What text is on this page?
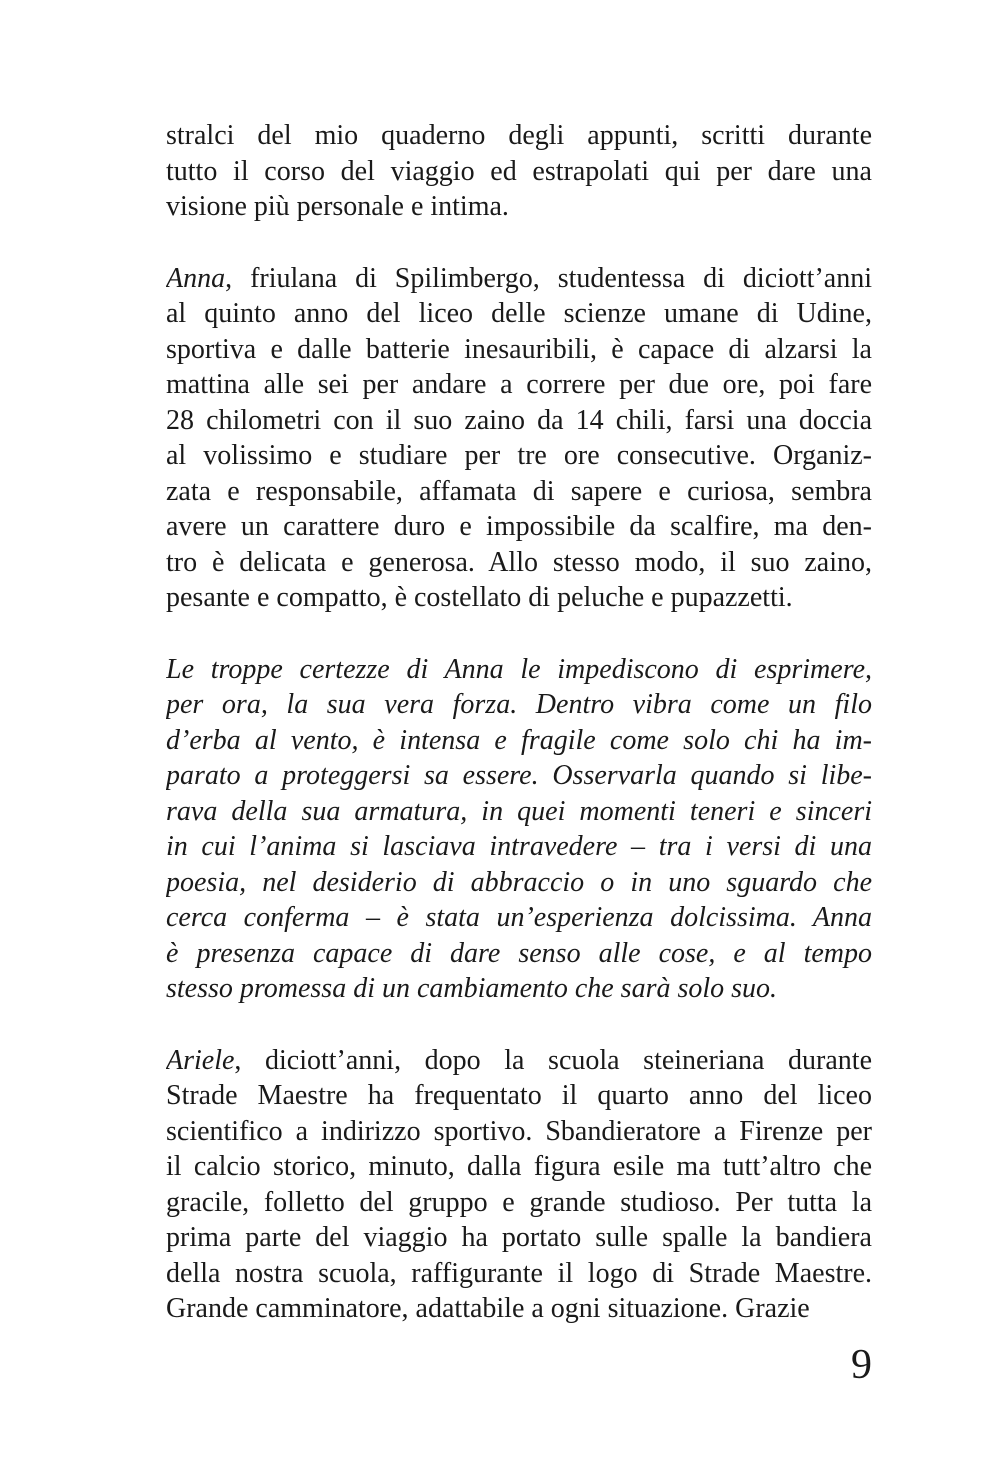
stralci del mio quaderno degli appunti, scritti durante
tutto il corso del viaggio ed estrapolati qui per dare una
visione più personale e intima.
Anna, friulana di Spilimbergo, studentessa di diciott’anni
al quinto anno del liceo delle scienze umane di Udine,
sportiva e dalle batterie inesauribili, è capace di alzarsi la
mattina alle sei per andare a correre per due ore, poi fare
28 chilometri con il suo zaino da 14 chili, farsi una doccia
al volissimo e studiare per tre ore consecutive. Organiz-
zata e responsabile, affamata di sapere e curiosa, sembra
avere un carattere duro e impossibile da scalfire, ma den-
tro è delicata e generosa. Allo stesso modo, il suo zaino,
pesante e compatto, è costellato di peluche e pupazzetti.
Le troppe certezze di Anna le impediscono di esprimere,
per ora, la sua vera forza. Dentro vibra come un filo
d’erba al vento, è intensa e fragile come solo chi ha im-
parato a proteggersi sa essere. Osservarla quando si libe-
rava della sua armatura, in quei momenti teneri e sinceri
in cui l’anima si lasciava intravedere – tra i versi di una
poesia, nel desiderio di abbraccio o in uno sguardo che
cerca conferma – è stata un’esperienza dolcissima. Anna
è presenza capace di dare senso alle cose, e al tempo
stesso promessa di un cambiamento che sarà solo suo.
Ariele, diciott’anni, dopo la scuola steineriana durante
Strade Maestre ha frequentato il quarto anno del liceo
scientifico a indirizzo sportivo. Sbandieratore a Firenze per
il calcio storico, minuto, dalla figura esile ma tutt’altro che
gracile, folletto del gruppo e grande studioso. Per tutta la
prima parte del viaggio ha portato sulle spalle la bandiera
della nostra scuola, raffigurante il logo di Strade Maestre.
Grande camminatore, adattabile a ogni situazione. Grazie
9
